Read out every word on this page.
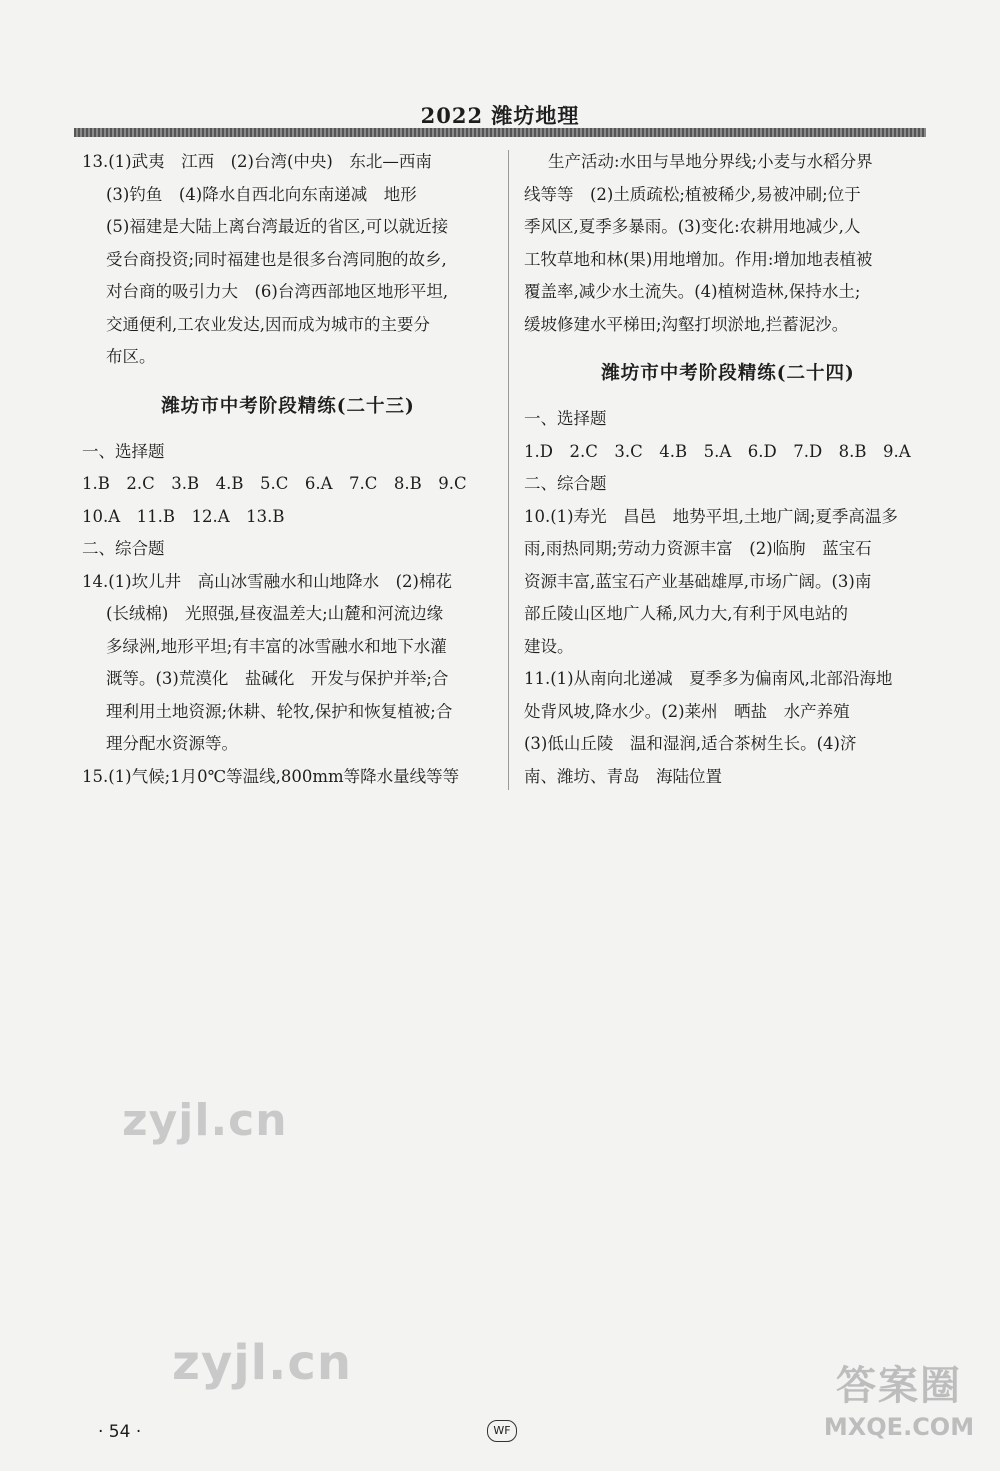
2022 潍坊地理
13.(1)武夷　江西　(2)台湾(中央)　东北—西南
(3)钓鱼　(4)降水自西北向东南递减　地形
(5)福建是大陆上离台湾最近的省区,可以就近接
受台商投资;同时福建也是很多台湾同胞的故乡,
对台商的吸引力大　(6)台湾西部地区地形平坦,
交通便利,工农业发达,因而成为城市的主要分
布区。
潍坊市中考阶段精练(二十三)
一、选择题
1.B　2.C　3.B　4.B　5.C　6.A　7.C　8.B　9.C
10.A　11.B　12.A　13.B
二、综合题
14.(1)坎儿井　高山冰雪融水和山地降水　(2)棉花
(长绒棉)　光照强,昼夜温差大;山麓和河流边缘
多绿洲,地形平坦;有丰富的冰雪融水和地下水灌
溉等。(3)荒漠化　盐碱化　开发与保护并举;合
理利用土地资源;休耕、轮牧,保护和恢复植被;合
理分配水资源等。
15.(1)气候;1月0℃等温线,800mm等降水量线等等
生产活动:水田与旱地分界线;小麦与水稻分界
线等等　(2)土质疏松;植被稀少,易被冲刷;位于
季风区,夏季多暴雨。(3)变化:农耕用地减少,人
工牧草地和林(果)用地增加。作用:增加地表植被
覆盖率,减少水土流失。(4)植树造林,保持水土;
缓坡修建水平梯田;沟壑打坝淤地,拦蓄泥沙。
潍坊市中考阶段精练(二十四)
一、选择题
1.D　2.C　3.C　4.B　5.A　6.D　7.D　8.B　9.A
二、综合题
10.(1)寿光　昌邑　地势平坦,土地广阔;夏季高温多
雨,雨热同期;劳动力资源丰富　(2)临朐　蓝宝石
资源丰富,蓝宝石产业基础雄厚,市场广阔。(3)南
部丘陵山区地广人稀,风力大,有利于风电站的
建设。
11.(1)从南向北递减　夏季多为偏南风,北部沿海地
处背风坡,降水少。(2)莱州　晒盐　水产养殖
(3)低山丘陵　温和湿润,适合茶树生长。(4)济
南、潍坊、青岛　海陆位置
zyjl.cn
zyjl.cn	答案圈
MXQE.COM
· 54 ·	WF
